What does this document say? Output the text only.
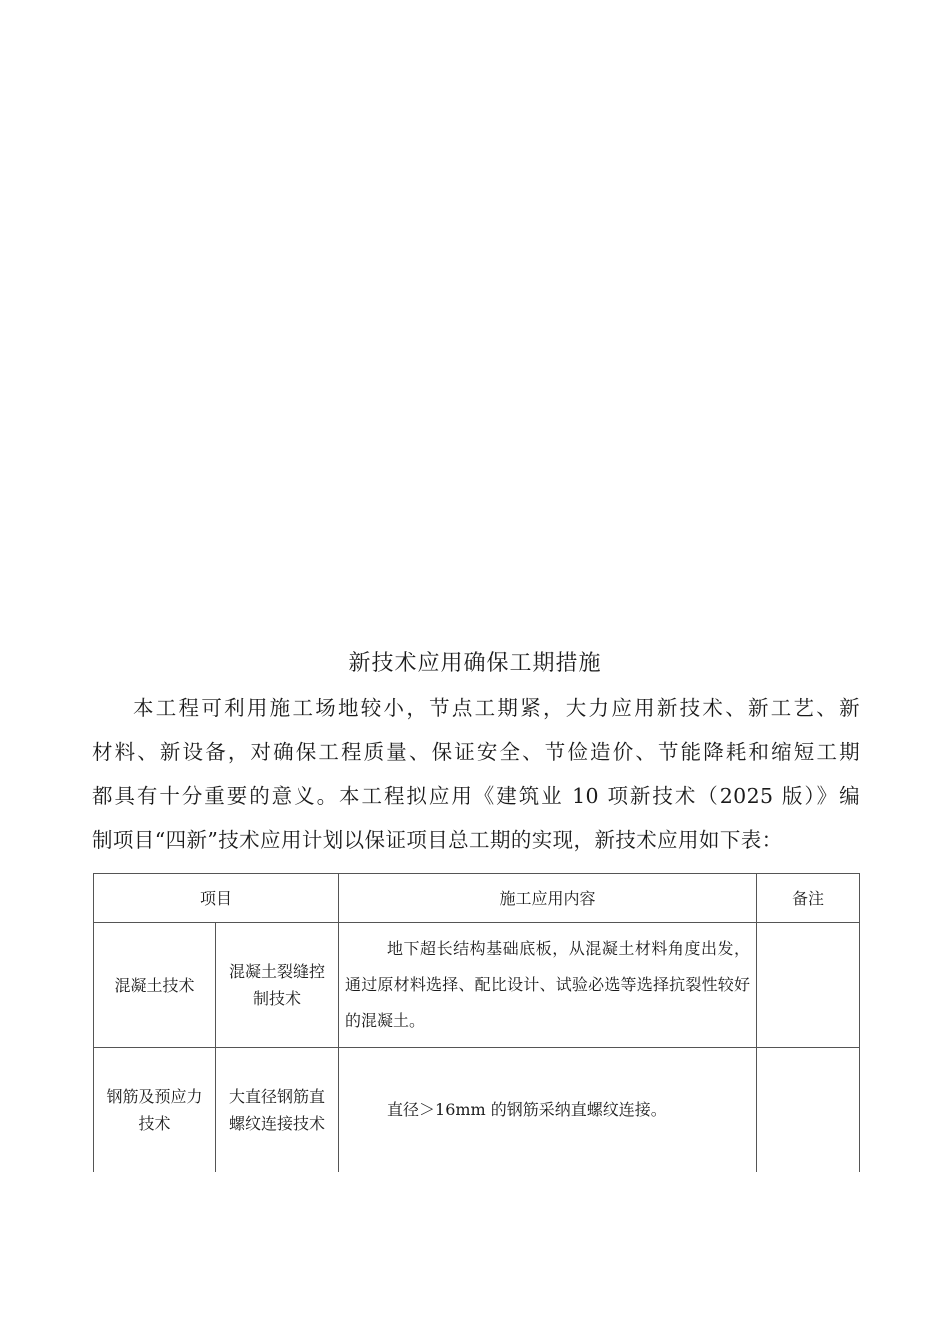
新技术应用确保工期措施
本工程可利用施工场地较小，节点工期紧，大力应用新技术、新工艺、新
材料、新设备，对确保工程质量、保证安全、节俭造价、节能降耗和缩短工期
都具有十分重要的意义。本工程拟应用《建筑业 10 项新技术（2025 版）》编
制项目“四新”技术应用计划以保证项目总工期的实现，新技术应用如下表：
项目		施工应用内容	备注
混凝土技术	混凝土裂缝控制技术	地下超长结构基础底板，从混凝土材料角度出发，通过原材料选择、配比设计、试验必选等选择抗裂性较好的混凝土。	

钢筋及预应力技术	大直径钢筋直螺纹连接技术	直径＞16mm 的钢筋采纳直螺纹连接。	
